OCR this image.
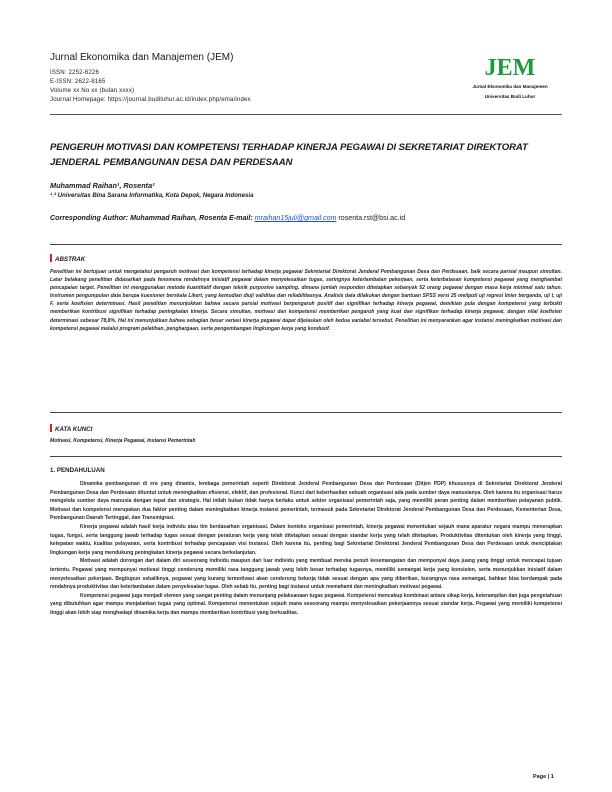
Jurnal Ekonomika dan Manajemen (JEM)
ISSN: 2252-6226
E-ISSN: 2622-8165
Volume xx No xx (bulan xxxx)
Journal Homepage: https://journal.budiluhur.ac.id/index.php/ema/index
JEM
Jurnal Ekonomika dan Manajemen
Universitas Budi Luhur
PENGERUH MOTIVASI DAN KOMPETENSI TERHADAP KINERJA PEGAWAI DI SEKRETARIAT DIREKTORAT
JENDERAL PEMBANGUNAN DESA DAN PERDESAAN
Muhammad Raihan¹, Rosenta²
¹˒² Universitas Bina Sarana Informatika, Kota Depok, Negara Indonesia
Corresponding Author: Muhammad Raihan, Rosenta E-mail: mraihan15juli@gmail.com rosenta.rst@bsi.ac.id
ABSTRAK
Penelitian ini bertujuan untuk mengetahui pengaruh motivasi dan kompetensi terhadap kinerja pegawai Sekretariat Direktorat Jenderal Pembangunan Desa dan Perdesaan, baik secara parsial maupun simultan. Latar belakang penelitian didasarkan pada fenomena rendahnya inisiatif pegawai dalam menyelesaikan tugas, seringnya keterlambatan pekerjaan, serta keterbatasan kompetensi pegawai yang menghambat pencapaian target. Penelitian ini menggunakan metode kuantitatif dengan teknik purposive sampling, dimana jumlah responden ditetapkan sebanyak 52 orang pegawai dengan masa kerja minimal satu tahun. Instrumen pengumpulan data berupa kuesioner berskala Likert, yang kemudian diuji validitas dan reliabilitasnya. Analisis data dilakukan dengan bantuan SPSS versi 25 meliputi uji regresi linier berganda, uji t, uji F, serta koefisien determinasi. Hasil penelitian menunjukkan bahwa secara parsial motivasi berpengaruh positif dan signifikan terhadap kinerja pegawai, demikian pula dengan kompetensi yang terbukti memberikan kontribusi signifikan terhadap peningkatan kinerja. Secara simultan, motivasi dan kompetensi memberikan pengaruh yang kuat dan signifikan terhadap kinerja pegawai, dengan nilai koefisien determinasi sebesar 78,8%. Hal ini menunjukkan bahwa sebagian besar variasi kinerja pegawai dapat dijelaskan oleh kedua variabel tersebut. Penelitian ini menyarankan agar instansi meningkatkan motivasi dan kompetensi pegawai melalui program pelatihan, penghargaan, serta pengembangan lingkungan kerja yang kondusif.
KATA KUNCI
Motivasi, Kompetensi, Kinerja Pegawai, Instansi Pemerintah
1. PENDAHULUAN

Dinamika pembangunan di era yang dinamis, lembaga pemerintah seperti Direktorat Jenderal Pembangunan Desa dan Perdesaan (Ditjen PDP) khususnya di Sekretariat Direktorat Jenderal Pembangunan Desa dan Perdesaan dituntut untuk meningkatkan efisiensi, efektif, dan profesional. Kunci dari keberhasilan sebuah organisasi ada pada sumber daya manusianya. Oleh karena itu organisasi harus mengelola sumber daya manusia dengan tepat dan strategis. Hal inilah bukan tidak hanya berlaku untuk sektor organisasi pemerintah saja, yang memiliki peran penting dalam memberikan pelayanan publik. Motivasi dan kompetensi merupakan dua faktor penting dalam meningkatkan kinerja instansi pemerintah, termasuk pada Sekretariat Direktorat Jenderal Pembangunan Desa dan Perdesaan, Kementerian Desa, Pembangunan Daerah Tertinggal, dan Transmigrasi.

Kinerja pegawai adalah hasil kerja individu atau tim berdasarkan organisasi. Dalam konteks organisasi pemerintah, kinerja pegawai menentukan sejauh mana aparatur negara mampu menerapkan tugas, fungsi, serta tanggung jawab terhadap tugas sesuai dengan peraturan kerja yang telah ditetapkan sesuai dengan standar kerja yang telah ditetapkan. Produktivitas ditentukan oleh kinerja yang tinggi, ketepatan waktu, kualitas pelayanan, serta kontribusi terhadap pencapaian visi instansi. Oleh karena itu, penting bagi Sekretariat Direktorat Jenderal Pembangunan Desa dan Perdesaan untuk menciptakan lingkungan kerja yang mendukung peningkatan kinerja pegawai secara berkelanjutan.

Motivasi adalah dorongan dari dalam diri seseorang individu maupun dari luar individu yang membuat mereka penuh kesemangatan dan mempunyai daya juang yang tinggi untuk mencapai tujuan tertentu. Pegawai yang mempunyai motivasi tinggi cenderung memiliki rasa tanggung jawab yang lebih besar terhadap tugasnya, memiliki semangat kerja yang konsisten, serta menunjukkan inisiatif dalam menyelesaikan pekerjaan. Begitupun sebaliknya, pegawai yang kurang termotivasi akan cenderung bekerja tidak sesuai dengan apa yang diberikan, kurangnya rasa semangat, bahkan bisa berdampak pada rendahnya produktivitas dan keterlambatan dalam penyelesaian tugas. Oleh sebab itu, penting bagi instansi untuk memahami dan meningkatkan motivasi pegawai.

Kompetensi pegawai juga menjadi elemen yang sangat penting dalam menunjang pelaksanaan tugas pegawai. Kompetensi mencakup kombinasi antara sikap kerja, keterampilan dan juga pengetahuan yang dibutuhkan agar mampu menjalankan tugas yang optimal. Kompetensi menentukan sejauh mana seseorang mampu menyelesaikan pekerjaannya sesuai standar kerja. Pegawai yang memiliki kompetensi tinggi akan lebih siap menghadapi dinamika kerja dan mampu memberikan kontribusi yang berkualitas.

Page | 1
